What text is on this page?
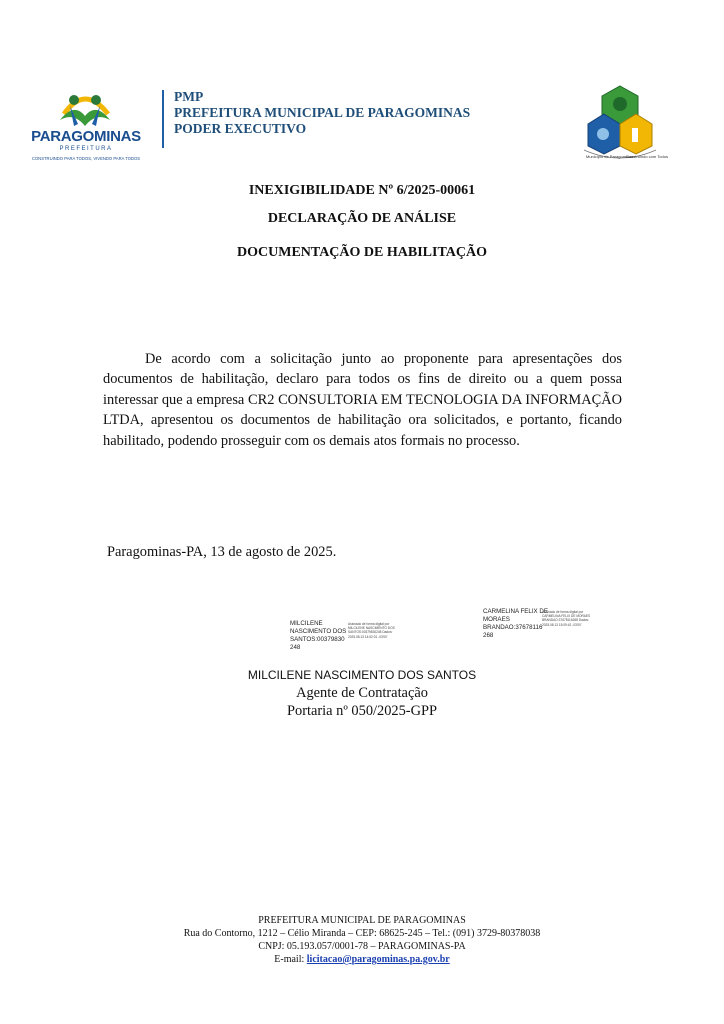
PARAGOMINAS
PREFEITURA
CONSTRUINDO PARA TODOS, VIVENDO PARA TODOS
PMP
PREFEITURA MUNICIPAL DE PARAGOMINAS
PODER EXECUTIVO
Município de Paragominas
Construindo com Todos
INEXIGIBILIDADE Nº 6/2025-00061
DECLARAÇÃO DE ANÁLISE
DOCUMENTAÇÃO DE HABILITAÇÃO
De acordo com a solicitação junto ao proponente para apresentações dos documentos de habilitação, declaro para todos os fins de direito ou a quem possa interessar que a empresa CR2 CONSULTORIA EM TECNOLOGIA DA INFORMAÇÃO LTDA, apresentou os documentos de habilitação ora solicitados, e portanto, ficando habilitado, podendo prosseguir com os demais atos formais no processo.
Paragominas-PA, 13 de agosto de 2025.
MILCILENE
NASCIMENTO DOS
SANTOS:00379830
248
Assinado de forma digital por MILCILENE NASCIMENTO DOS SANTOS:00379830248 Dados: 2025.08.13 14:52:01 -03'00'
CARMELINA FELIX DE
MORAES
BRANDAO:37678116
268
Assinado de forma digital por CARMELINA FELIX DE MORAES BRANDAO:37678116268 Dados: 2025.08.13 15:09:42 -03'00'
MILCILENE NASCIMENTO DOS SANTOS
Agente de Contratação
Portaria nº 050/2025-GPP
PREFEITURA MUNICIPAL DE PARAGOMINAS
Rua do Contorno, 1212 – Célio Miranda – CEP: 68625-245 – Tel.: (091) 3729-80378038
CNPJ: 05.193.057/0001-78 – PARAGOMINAS-PA
E-mail: licitacao@paragominas.pa.gov.br
